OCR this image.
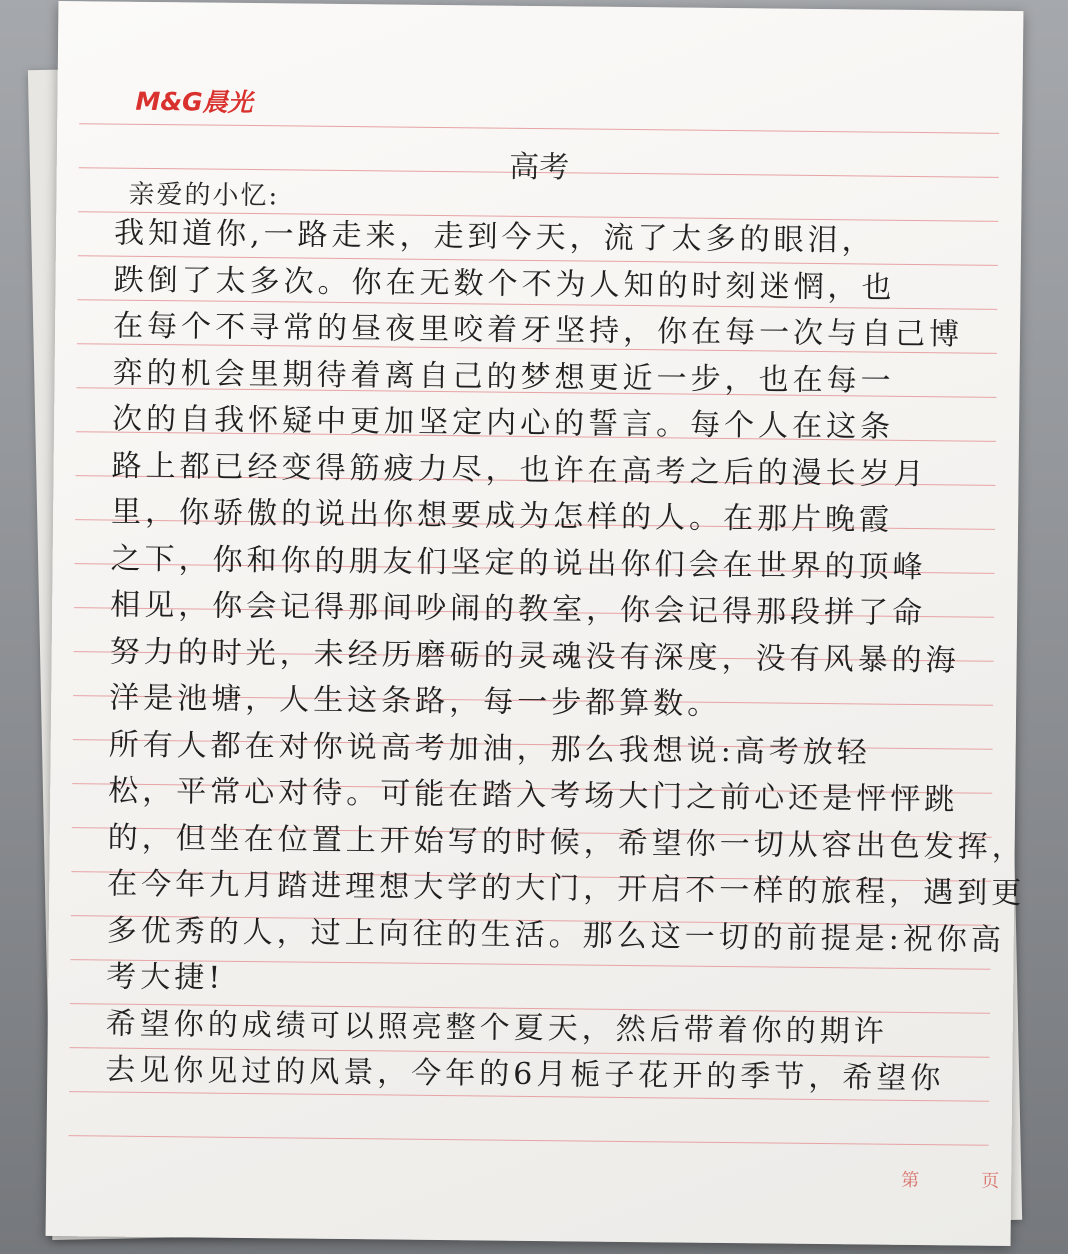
M&G晨光
高考
亲爱的小忆:
我知道你,一路走来，走到今天，流了太多的眼泪，
跌倒了太多次。你在无数个不为人知的时刻迷惘，也
在每个不寻常的昼夜里咬着牙坚持，你在每一次与自己博
弈的机会里期待着离自己的梦想更近一步，也在每一
次的自我怀疑中更加坚定内心的誓言。每个人在这条
路上都已经变得筋疲力尽，也许在高考之后的漫长岁月
里，你骄傲的说出你想要成为怎样的人。在那片晚霞
之下，你和你的朋友们坚定的说出你们会在世界的顶峰
相见，你会记得那间吵闹的教室，你会记得那段拼了命
努力的时光，未经历磨砺的灵魂没有深度，没有风暴的海
洋是池塘，人生这条路，每一步都算数。
所有人都在对你说高考加油，那么我想说:高考放轻
松，平常心对待。可能在踏入考场大门之前心还是怦怦跳
的，但坐在位置上开始写的时候，希望你一切从容出色发挥，
在今年九月踏进理想大学的大门，开启不一样的旅程，遇到更
多优秀的人，过上向往的生活。那么这一切的前提是:祝你高
考大捷!
希望你的成绩可以照亮整个夏天，然后带着你的期许
去见你见过的风景，今年的6月栀子花开的季节，希望你
第	页
